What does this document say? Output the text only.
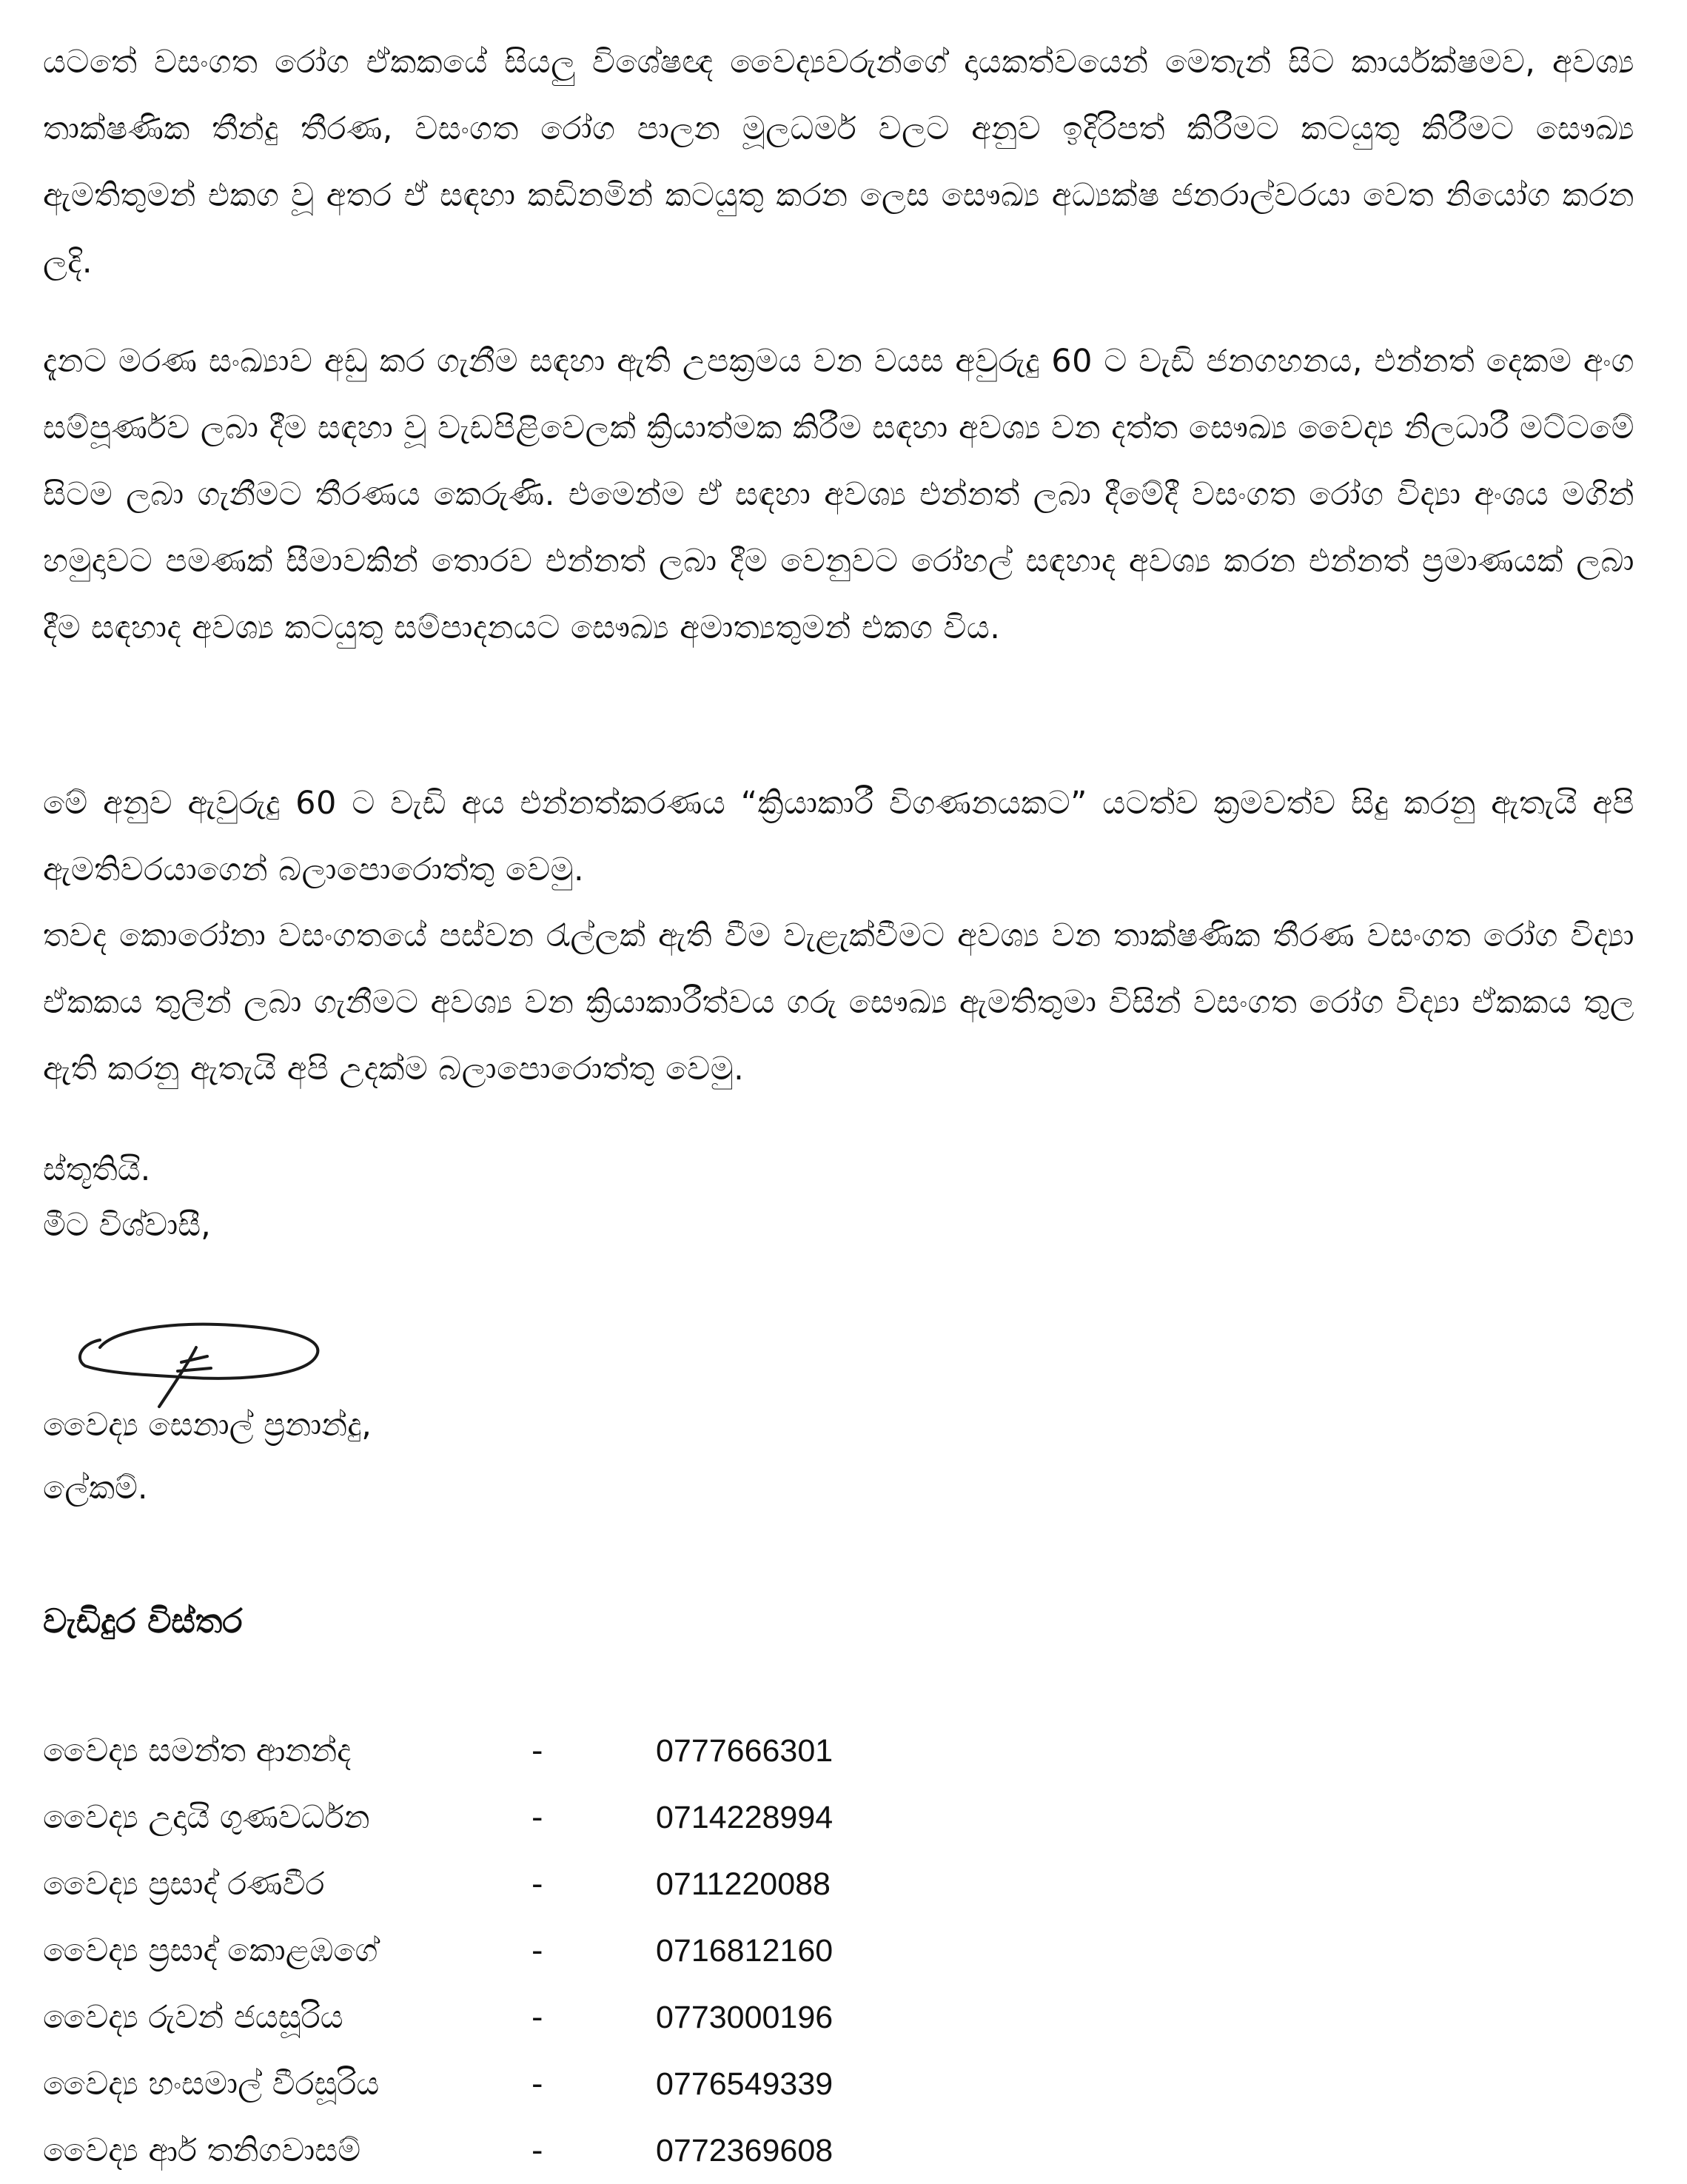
යටතේ වසංගත රෝග ඒකකයේ සියලු විශේෂඥ වෛද්‍යවරුන්ගේ දායකත්වයෙන් මෙතැන් සිට කාර්යක්ෂමව, අවශ්‍ය තාක්ෂණික තීන්දු තීරණ, වසංගත රෝග පාලන මූලධර්ම වලට අනුව ඉදිරිපත් කිරීමට කටයුතු කිරීමට සෞඛ්‍ය ඇමතිතුමන් එකග වූ අතර ඒ සඳහා කඩිනමින් කටයුතු කරන ලෙස සෞඛ්‍ය අධ්‍යක්ෂ ජනරාල්වරයා වෙත නියෝග කරන ලදි.

දැනට මරණ සංඛ්‍යාව අඩු කර ගැනීම සඳහා ඇති උපක්‍රමය වන වයස අවුරුදු 60 ට වැඩි ජනගහනය, එන්නත් දෙකම අංග සම්පූර්ණව ලබා දීම සඳහා වූ වැඩපිළිවෙලක් ක්‍රියාත්මක කිරීම සඳහා අවශ්‍ය වන දත්ත සෞඛ්‍ය වෛද්‍ය නිලධාරී මට්ටමේ සිටම ලබා ගැනීමට තීරණය කෙරුණි. එමෙන්ම ඒ සඳහා අවශ්‍ය එන්නත් ලබා දීමේදී වසංගත රෝග විද්‍යා අංශය මගින් හමුදාවට පමණක් සීමාවකින් තොරව එන්නත් ලබා දීම වෙනුවට රෝහල් සඳහාද අවශ්‍ය කරන එන්නත් ප්‍රමාණයක් ලබා දීම සඳහාද අවශ්‍ය කටයුතු සම්පාදනයට සෞඛ්‍ය අමාත්‍යතුමන් එකග විය.

මේ අනුව ඇවුරුදු 60 ට වැඩි අය එන්නත්කරණය “ක්‍රියාකාරී විගණනයකට” යටත්ව ක්‍රමවත්ව සිදු කරනු ඇතැයි අපි ඇමතිවරයාගෙන් බලාපොරොත්තු වෙමු.

තවද කොරෝනා වසංගතයේ පස්වන රැල්ලක් ඇති වීම වැළැක්වීමට අවශ්‍ය වන තාක්ෂණික තීරණ වසංගත රෝග විද්‍යා ඒකකය තුලින් ලබා ගැනීමට අවශ්‍ය වන ක්‍රියාකාරීත්වය ගරු සෞඛ්‍ය ඇමතිතුමා විසින් වසංගත රෝග විද්‍යා ඒකකය තුල ඇති කරනු ඇතැයි අපි උදක්ම බලාපොරොත්තු වෙමු.

ස්තූතියි.
මීට විශ්වාසී,
වෛද්‍ය සෙනාල් ප්‍රනාන්දු,
ලේකම්.
වැඩිදුර විස්තර
වෛද්‍ය සමන්ත ආනන්ද	-	0777666301
වෛද්‍ය උදායි ගුණවර්ධන	-	0714228994
වෛද්‍ය ප්‍රසාද් රණවීර	-	0711220088
වෛද්‍ය ප්‍රසාද් කොළඹගේ	-	0716812160
වෛද්‍ය රුවන් ජයසූරිය	-	0773000196
වෛද්‍ය හංසමාල් වීරසූරිය	-	0776549339
වෛද්‍ය ආර් තනිගවාසම්	-	0772369608
